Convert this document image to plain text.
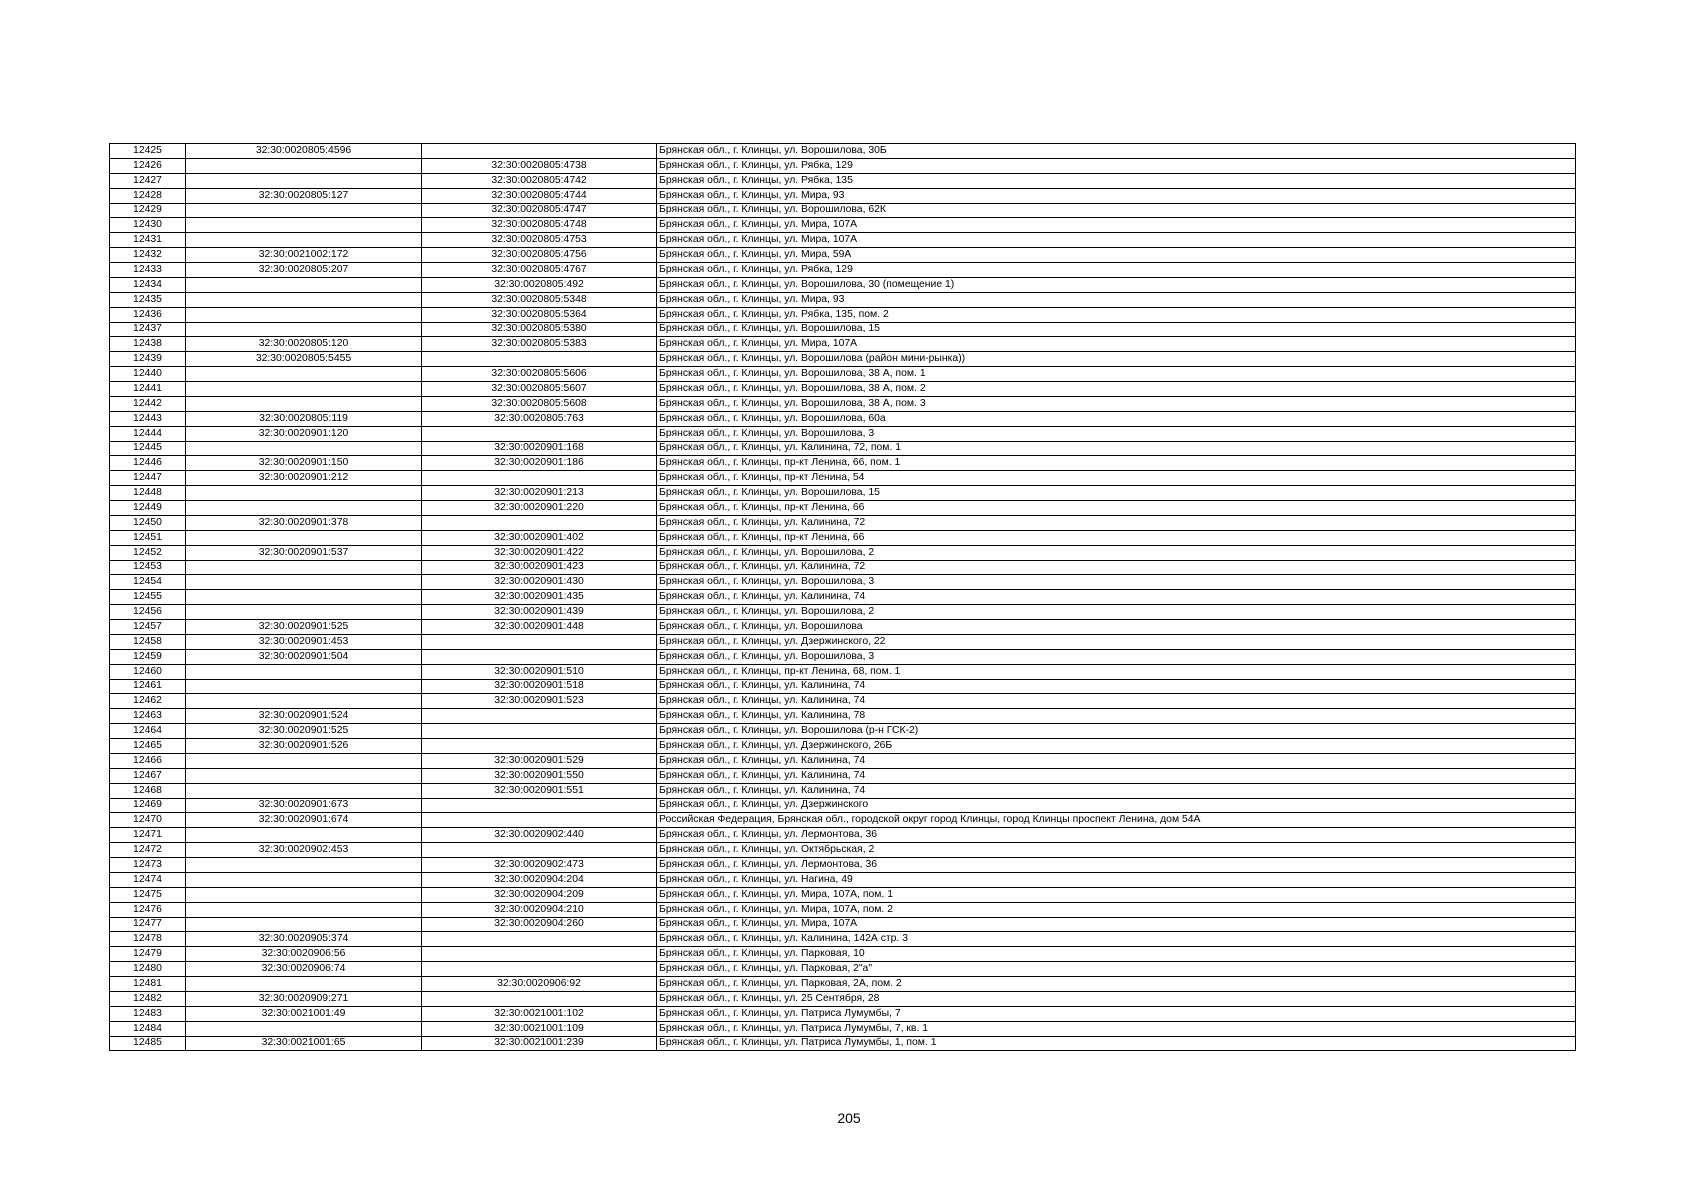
12425	32:30:0020805:4596		Брянская обл., г. Клинцы, ул. Ворошилова, 30Б
12426		32:30:0020805:4738	Брянская обл., г. Клинцы, ул. Рябка, 129
12427		32:30:0020805:4742	Брянская обл., г. Клинцы, ул. Рябка, 135
12428	32:30:0020805:127	32:30:0020805:4744	Брянская обл., г. Клинцы, ул. Мира, 93
12429		32:30:0020805:4747	Брянская обл., г. Клинцы, ул. Ворошилова, 62К
12430		32:30:0020805:4748	Брянская обл., г. Клинцы, ул. Мира, 107А
12431		32:30:0020805:4753	Брянская обл., г. Клинцы, ул. Мира, 107А
12432	32:30:0021002:172	32:30:0020805:4756	Брянская обл., г. Клинцы, ул. Мира, 59А
12433	32:30:0020805:207	32:30:0020805:4767	Брянская обл., г. Клинцы, ул. Рябка, 129
12434		32:30:0020805:492	Брянская обл., г. Клинцы, ул. Ворошилова, 30 (помещение 1)
12435		32:30:0020805:5348	Брянская обл., г. Клинцы, ул. Мира, 93
12436		32:30:0020805:5364	Брянская обл., г. Клинцы, ул. Рябка, 135, пом. 2
12437		32:30:0020805:5380	Брянская обл., г. Клинцы, ул. Ворошилова, 15
12438	32:30:0020805:120	32:30:0020805:5383	Брянская обл., г. Клинцы, ул. Мира, 107А
12439	32:30:0020805:5455		Брянская обл., г. Клинцы, ул. Ворошилова (район мини-рынка))
12440		32:30:0020805:5606	Брянская обл., г. Клинцы, ул. Ворошилова, 38 А, пом. 1
12441		32:30:0020805:5607	Брянская обл., г. Клинцы, ул. Ворошилова, 38 А, пом. 2
12442		32:30:0020805:5608	Брянская обл., г. Клинцы, ул. Ворошилова, 38 А, пом. 3
12443	32:30:0020805:119	32:30:0020805:763	Брянская обл., г. Клинцы, ул. Ворошилова, 60а
12444	32:30:0020901:120		Брянская обл., г. Клинцы, ул. Ворошилова, 3
12445		32:30:0020901:168	Брянская обл., г. Клинцы, ул. Калинина, 72, пом. 1
12446	32:30:0020901:150	32:30:0020901:186	Брянская обл., г. Клинцы, пр-кт Ленина, 66, пом. 1
12447	32:30:0020901:212		Брянская обл., г. Клинцы, пр-кт Ленина, 54
12448		32:30:0020901:213	Брянская обл., г. Клинцы, ул. Ворошилова, 15
12449		32:30:0020901:220	Брянская обл., г. Клинцы, пр-кт Ленина, 66
12450	32:30:0020901:378		Брянская обл., г. Клинцы, ул. Калинина, 72
12451		32:30:0020901:402	Брянская обл., г. Клинцы, пр-кт Ленина, 66
12452	32:30:0020901:537	32:30:0020901:422	Брянская обл., г. Клинцы, ул. Ворошилова, 2
12453		32:30:0020901:423	Брянская обл., г. Клинцы, ул. Калинина, 72
12454		32:30:0020901:430	Брянская обл., г. Клинцы, ул. Ворошилова, 3
12455		32:30:0020901:435	Брянская обл., г. Клинцы, ул. Калинина, 74
12456		32:30:0020901:439	Брянская обл., г. Клинцы, ул. Ворошилова, 2
12457	32:30:0020901:525	32:30:0020901:448	Брянская обл., г. Клинцы, ул. Ворошилова
12458	32:30:0020901:453		Брянская обл., г. Клинцы, ул. Дзержинского, 22
12459	32:30:0020901:504		Брянская обл., г. Клинцы, ул. Ворошилова, 3
12460		32:30:0020901:510	Брянская обл., г. Клинцы, пр-кт Ленина, 68, пом. 1
12461		32:30:0020901:518	Брянская обл., г. Клинцы, ул. Калинина, 74
12462		32:30:0020901:523	Брянская обл., г. Клинцы, ул. Калинина, 74
12463	32:30:0020901:524		Брянская обл., г. Клинцы, ул. Калинина, 78
12464	32:30:0020901:525		Брянская обл., г. Клинцы, ул. Ворошилова (р-н ГСК-2)
12465	32:30:0020901:526		Брянская обл., г. Клинцы, ул. Дзержинского, 26Б
12466		32:30:0020901:529	Брянская обл., г. Клинцы, ул. Калинина, 74
12467		32:30:0020901:550	Брянская обл., г. Клинцы, ул. Калинина, 74
12468		32:30:0020901:551	Брянская обл., г. Клинцы, ул. Калинина, 74
12469	32:30:0020901:673		Брянская обл., г. Клинцы, ул. Дзержинского
12470	32:30:0020901:674		Российская Федерация, Брянская обл., городской округ город Клинцы, город Клинцы проспект Ленина, дом 54А
12471		32:30:0020902:440	Брянская обл., г. Клинцы, ул. Лермонтова, 36
12472	32:30:0020902:453		Брянская обл., г. Клинцы, ул. Октябрьская, 2
12473		32:30:0020902:473	Брянская обл., г. Клинцы, ул. Лермонтова, 36
12474		32:30:0020904:204	Брянская обл., г. Клинцы, ул. Нагина, 49
12475		32:30:0020904:209	Брянская обл., г. Клинцы, ул. Мира, 107А, пом. 1
12476		32:30:0020904:210	Брянская обл., г. Клинцы, ул. Мира, 107А, пом. 2
12477		32:30:0020904:260	Брянская обл., г. Клинцы, ул. Мира, 107А
12478	32:30:0020905:374		Брянская обл., г. Клинцы, ул. Калинина, 142А стр. 3
12479	32:30:0020906:56		Брянская обл., г. Клинцы, ул. Парковая, 10
12480	32:30:0020906:74		Брянская обл., г. Клинцы, ул. Парковая, 2"а"
12481		32:30:0020906:92	Брянская обл., г. Клинцы, ул. Парковая, 2А, пом. 2
12482	32:30:0020909:271		Брянская обл., г. Клинцы, ул. 25 Сентября, 28
12483	32:30:0021001:49	32:30:0021001:102	Брянская обл., г. Клинцы, ул. Патриса Лумумбы, 7
12484		32:30:0021001:109	Брянская обл., г. Клинцы, ул. Патриса Лумумбы, 7, кв. 1
12485	32:30:0021001:65	32:30:0021001:239	Брянская обл., г. Клинцы, ул. Патриса Лумумбы, 1, пом. 1
205
